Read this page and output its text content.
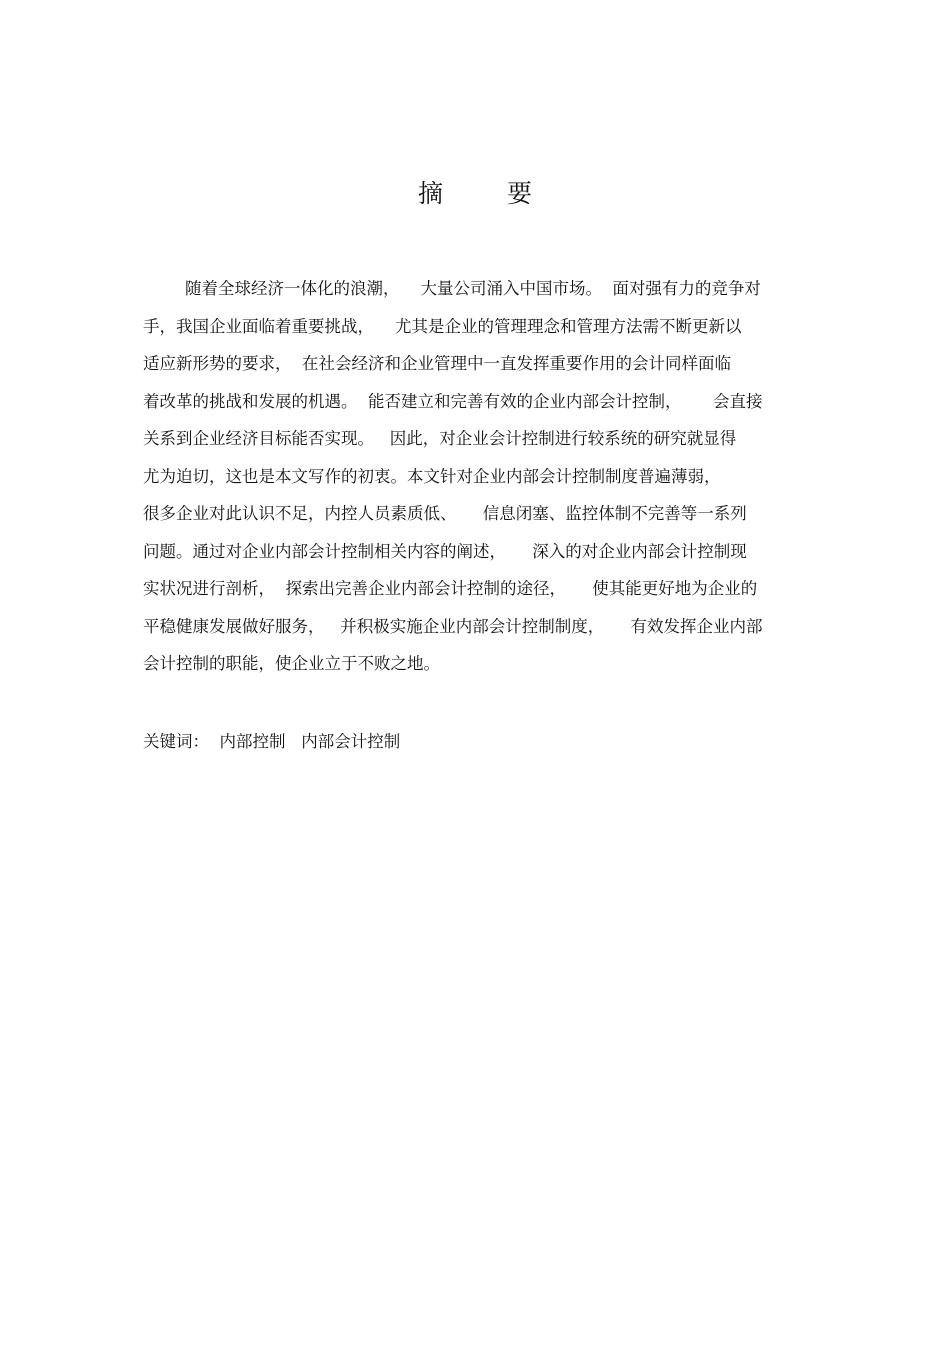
摘 要
随着全球经济一体化的浪潮，    大量公司涌入中国市场。  面对强有力的竞争对
手，我国企业面临着重要挑战，    尤其是企业的管理理念和管理方法需不断更新以
适应新形势的要求，  在社会经济和企业管理中一直发挥重要作用的会计同样面临
着改革的挑战和发展的机遇。  能否建立和完善有效的企业内部会计控制，      会直接
关系到企业经济目标能否实现。   因此，对企业会计控制进行较系统的研究就显得
尤为迫切，这也是本文写作的初衷。本文针对企业内部会计控制制度普遍薄弱，
很多企业对此认识不足，内控人员素质低、     信息闭塞、监控体制不完善等一系列
问题。通过对企业内部会计控制相关内容的阐述，     深入的对企业内部会计控制现
实状况进行剖析，  探索出完善企业内部会计控制的途径，     使其能更好地为企业的
平稳健康发展做好服务，   并积极实施企业内部会计控制制度，     有效发挥企业内部
会计控制的职能，使企业立于不败之地。
关键词：  内部控制   内部会计控制
